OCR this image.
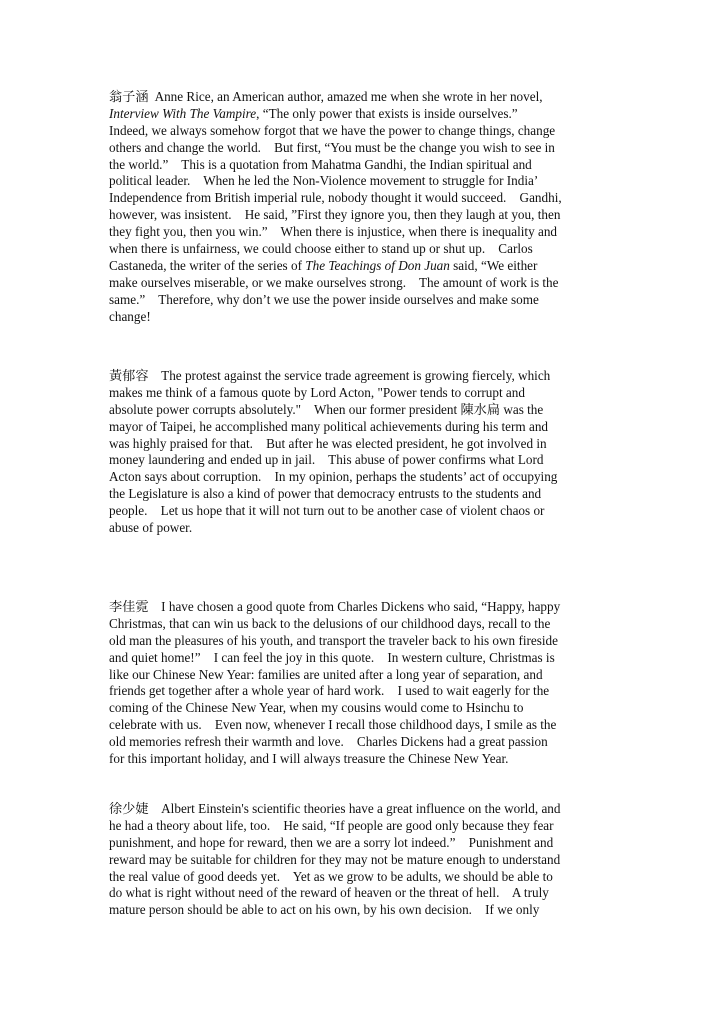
翁子涵 Anne Rice, an American author, amazed me when she wrote in her novel,
Interview With The Vampire, “The only power that exists is inside ourselves.”
Indeed, we always somehow forgot that we have the power to change things, change
others and change the world.    But first, “You must be the change you wish to see in
the world.”    This is a quotation from Mahatma Gandhi, the Indian spiritual and
political leader.    When he led the Non-Violence movement to struggle for India’
Independence from British imperial rule, nobody thought it would succeed.    Gandhi,
however, was insistent.    He said, ”First they ignore you, then they laugh at you, then
they fight you, then you win.”    When there is injustice, when there is inequality and
when there is unfairness, we could choose either to stand up or shut up.    Carlos
Castaneda, the writer of the series of The Teachings of Don Juan said, “We either
make ourselves miserable, or we make ourselves strong.    The amount of work is the
same.”    Therefore, why don’t we use the power inside ourselves and make some
change!
黃郁容  The protest against the service trade agreement is growing fiercely, which
makes me think of a famous quote by Lord Acton, "Power tends to corrupt and
absolute power corrupts absolutely."    When our former president 陳水扁 was the
mayor of Taipei, he accomplished many political achievements during his term and
was highly praised for that.    But after he was elected president, he got involved in
money laundering and ended up in jail.    This abuse of power confirms what Lord
Acton says about corruption.    In my opinion, perhaps the students’ act of occupying
the Legislature is also a kind of power that democracy entrusts to the students and
people.    Let us hope that it will not turn out to be another case of violent chaos or
abuse of power.
李佳霓  I have chosen a good quote from Charles Dickens who said, “Happy, happy
Christmas, that can win us back to the delusions of our childhood days, recall to the
old man the pleasures of his youth, and transport the traveler back to his own fireside
and quiet home!”    I can feel the joy in this quote.    In western culture, Christmas is
like our Chinese New Year: families are united after a long year of separation, and
friends get together after a whole year of hard work.    I used to wait eagerly for the
coming of the Chinese New Year, when my cousins would come to Hsinchu to
celebrate with us.    Even now, whenever I recall those childhood days, I smile as the
old memories refresh their warmth and love.    Charles Dickens had a great passion
for this important holiday, and I will always treasure the Chinese New Year.
徐少婕  Albert Einstein's scientific theories have a great influence on the world, and
he had a theory about life, too.    He said, “If people are good only because they fear
punishment, and hope for reward, then we are a sorry lot indeed.”    Punishment and
reward may be suitable for children for they may not be mature enough to understand
the real value of good deeds yet.    Yet as we grow to be adults, we should be able to
do what is right without need of the reward of heaven or the threat of hell.    A truly
mature person should be able to act on his own, by his own decision.    If we only
